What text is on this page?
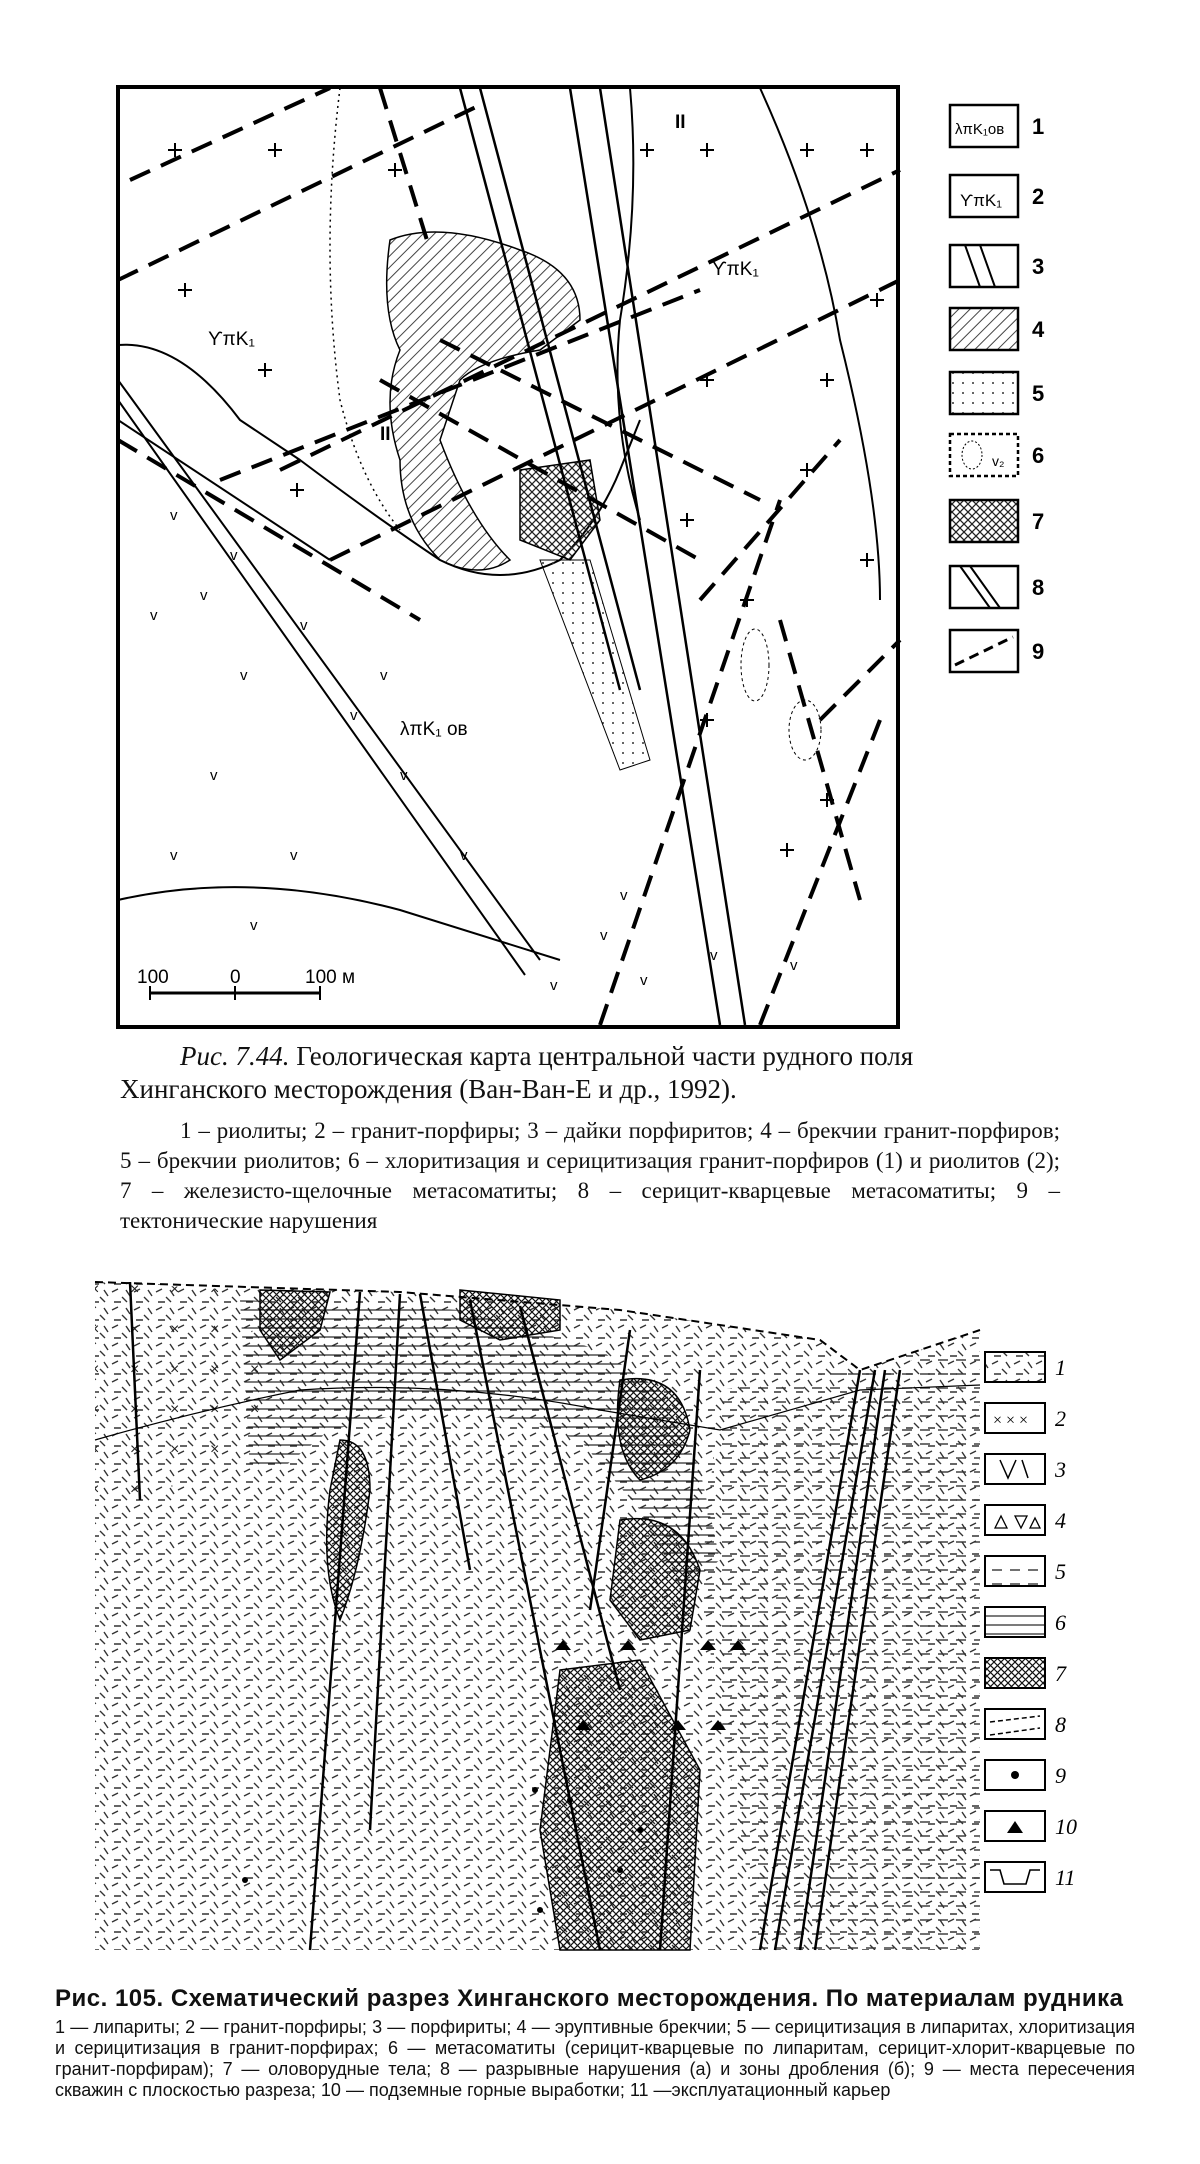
v
v
v
v
v
v
v	v
v
v
v
v
v
v
v	v
v
v
v
v
ϒπK₁
ϒπK₁
λπK₁ ов
II
II
100	0	100 м
λπK₁ов 1
ϒπK₁ 2
3
4
5
v₂ 6
7
8
9
Рис. 7.44. Геологическая карта центральной части рудного поля Хинганского месторождения (Ван-Ван-Е и др., 1992).
1 – риолиты; 2 – гранит-порфиры; 3 – дайки порфиритов; 4 – брекчии гранит-порфиров; 5 – брекчии риолитов; 6 – хлоритизация и серицитизация гранит-порфиров (1) и риолитов (2); 7 – железисто-щелочные метасоматиты; 8 – серицит-кварцевые метасоматиты; 9 – тектонические нарушения
1
× × × 2
3
4
5
6
7
8
9
10
11
Рис. 105. Схематический разрез Хинганского месторождения. По материалам рудника
1 — липариты; 2 — гранит-порфиры; 3 — порфириты; 4 — эруптивные брекчии; 5 — серицитизация в липаритах, хлоритизация и серицитизация в гранит-порфирах; 6 — метасоматиты (серицит-кварцевые по липаритам, серицит-хлорит-кварцевые по гранит-порфирам); 7 — оловорудные тела; 8 — разрывные нарушения (а) и зоны дробления (б); 9 — места пересечения скважин с плоскостью разреза; 10 — подземные горные выработки; 11 —эксплуатационный карьер
